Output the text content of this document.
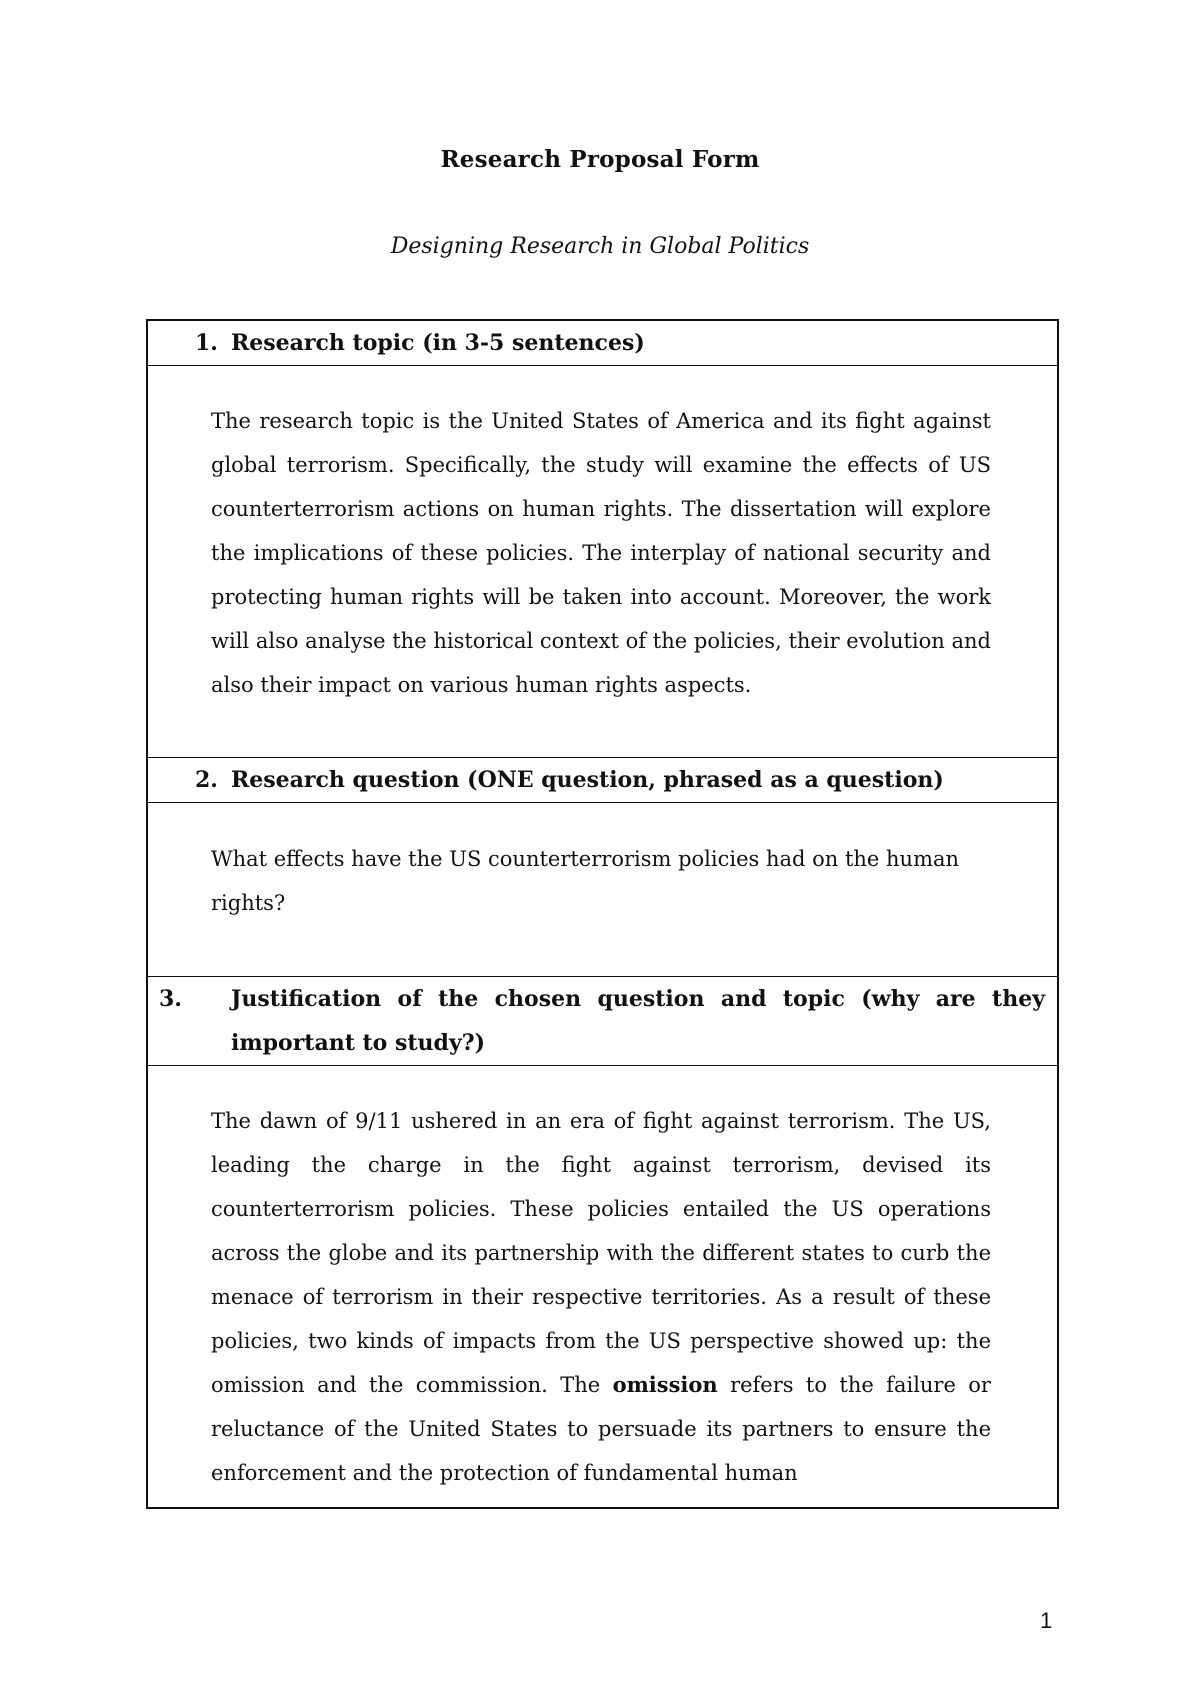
Research Proposal Form
Designing Research in Global Politics
1. Research topic (in 3-5 sentences)
The research topic is the United States of America and its fight against global terrorism. Specifically, the study will examine the effects of US counterterrorism actions on human rights. The dissertation will explore the implications of these policies. The interplay of national security and protecting human rights will be taken into account. Moreover, the work will also analyse the historical context of the policies, their evolution and also their impact on various human rights aspects.
2. Research question (ONE question, phrased as a question)
What effects have the US counterterrorism policies had on the human rights?
3. Justification of the chosen question and topic (why are they important to study?)
The dawn of 9/11 ushered in an era of fight against terrorism. The US, leading the charge in the fight against terrorism, devised its counterterrorism policies. These policies entailed the US operations across the globe and its partnership with the different states to curb the menace of terrorism in their respective territories. As a result of these policies, two kinds of impacts from the US perspective showed up: the omission and the commission. The omission refers to the failure or reluctance of the United States to persuade its partners to ensure the enforcement and the protection of fundamental human
1
